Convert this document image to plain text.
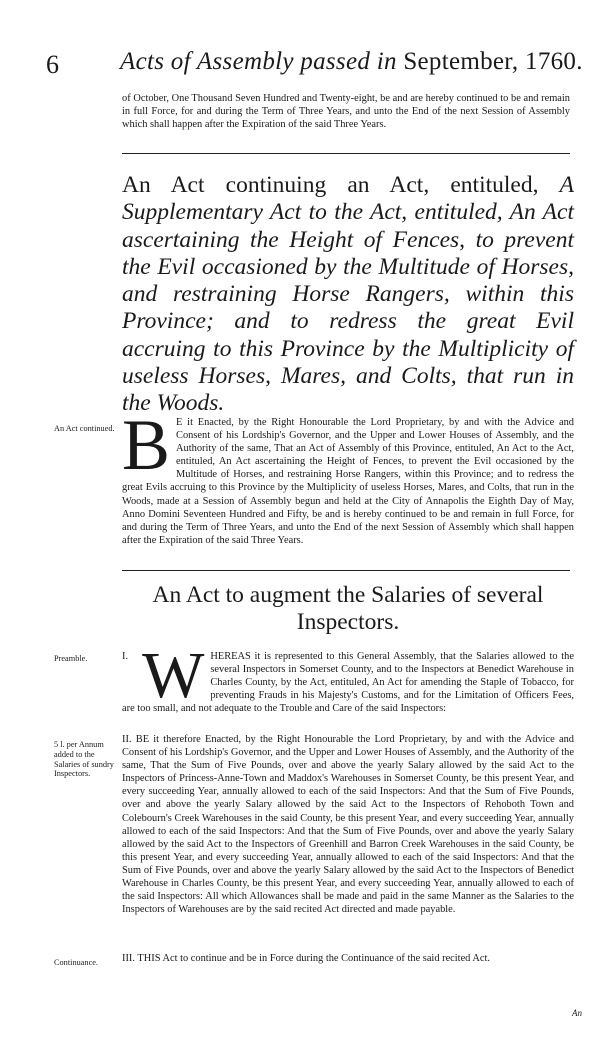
6 Acts of Assembly passed in September, 1760.
of October, One Thousand Seven Hundred and Twenty-eight, be and are hereby continued to be and remain in full Force, for and during the Term of Three Years, and unto the End of the next Session of Assembly which shall happen after the Expiration of the said Three Years.
An Act continuing an Act, entituled, A Supplementary Act to the Act, entituled, An Act ascertaining the Height of Fences, to prevent the Evil occasioned by the Multitude of Horses, and restraining Horse Rangers, within this Province; and to redress the great Evil accruing to this Province by the Multiplicity of useless Horses, Mares, and Colts, that run in the Woods.
An Act continued. B E it Enacted, by the Right Honourable the Lord Proprietary, by and with the Advice and Consent of his Lordship's Governor, and the Upper and Lower Houses of Assembly, and the Authority of the same, That an Act of Assembly of this Province, entituled, An Act to the Act, entituled, An Act ascertaining the Height of Fences, to prevent the Evil occasioned by the Multitude of Horses, and restraining Horse Rangers, within this Province; and to redress the great Evils accruing to this Province by the Multiplicity of useless Horses, Mares, and Colts, that run in the Woods, made at a Session of Assembly begun and held at the City of Annapolis the Eighth Day of May, Anno Domini Seventeen Hundred and Fifty, be and is hereby continued to be and remain in full Force, for and during the Term of Three Years, and unto the End of the next Session of Assembly which shall happen after the Expiration of the said Three Years.
An Act to augment the Salaries of several Inspectors.
Preamble.	I. W HEREAS it is represented to this General Assembly, that the Salaries allowed to the several Inspectors in Somerset County, and to the Inspectors at Benedict Warehouse in Charles County, by the Act, entituled, An Act for amending the Staple of Tobacco, for preventing Frauds in his Majesty's Customs, and for the Limitation of Officers Fees, are too small, and not adequate to the Trouble and Care of the said Inspectors:
5 l. per Annum added to the Salaries of sundry Inspectors.
II. BE it therefore Enacted, by the Right Honourable the Lord Proprietary, by and with the Advice and Consent of his Lordship's Governor, and the Upper and Lower Houses of Assembly, and the Authority of the same, That the Sum of Five Pounds, over and above the yearly Salary allowed by the said Act to the Inspectors of Princess-Anne-Town and Maddox's Warehouses in Somerset County, be this present Year, and every succeeding Year, annually allowed to each of the said Inspectors: And that the Sum of Five Pounds, over and above the yearly Salary allowed by the said Act to the Inspectors of Rehoboth Town and Colebourn's Creek Warehouses in the said County, be this present Year, and every succeeding Year, annually allowed to each of the said Inspectors: And that the Sum of Five Pounds, over and above the yearly Salary allowed by the said Act to the Inspectors of Greenhill and Barron Creek Warehouses in the said County, be this present Year, and every succeeding Year, annually allowed to each of the said Inspectors: And that the Sum of Five Pounds, over and above the yearly Salary allowed by the said Act to the Inspectors of Benedict Warehouse in Charles County, be this present Year, and every succeeding Year, annually allowed to each of the said Inspectors: All which Allowances shall be made and paid in the same Manner as the Salaries to the Inspectors of Warehouses are by the said recited Act directed and made payable.
Continuance.	III. THIS Act to continue and be in Force during the Continuance of the said recited Act.
An
